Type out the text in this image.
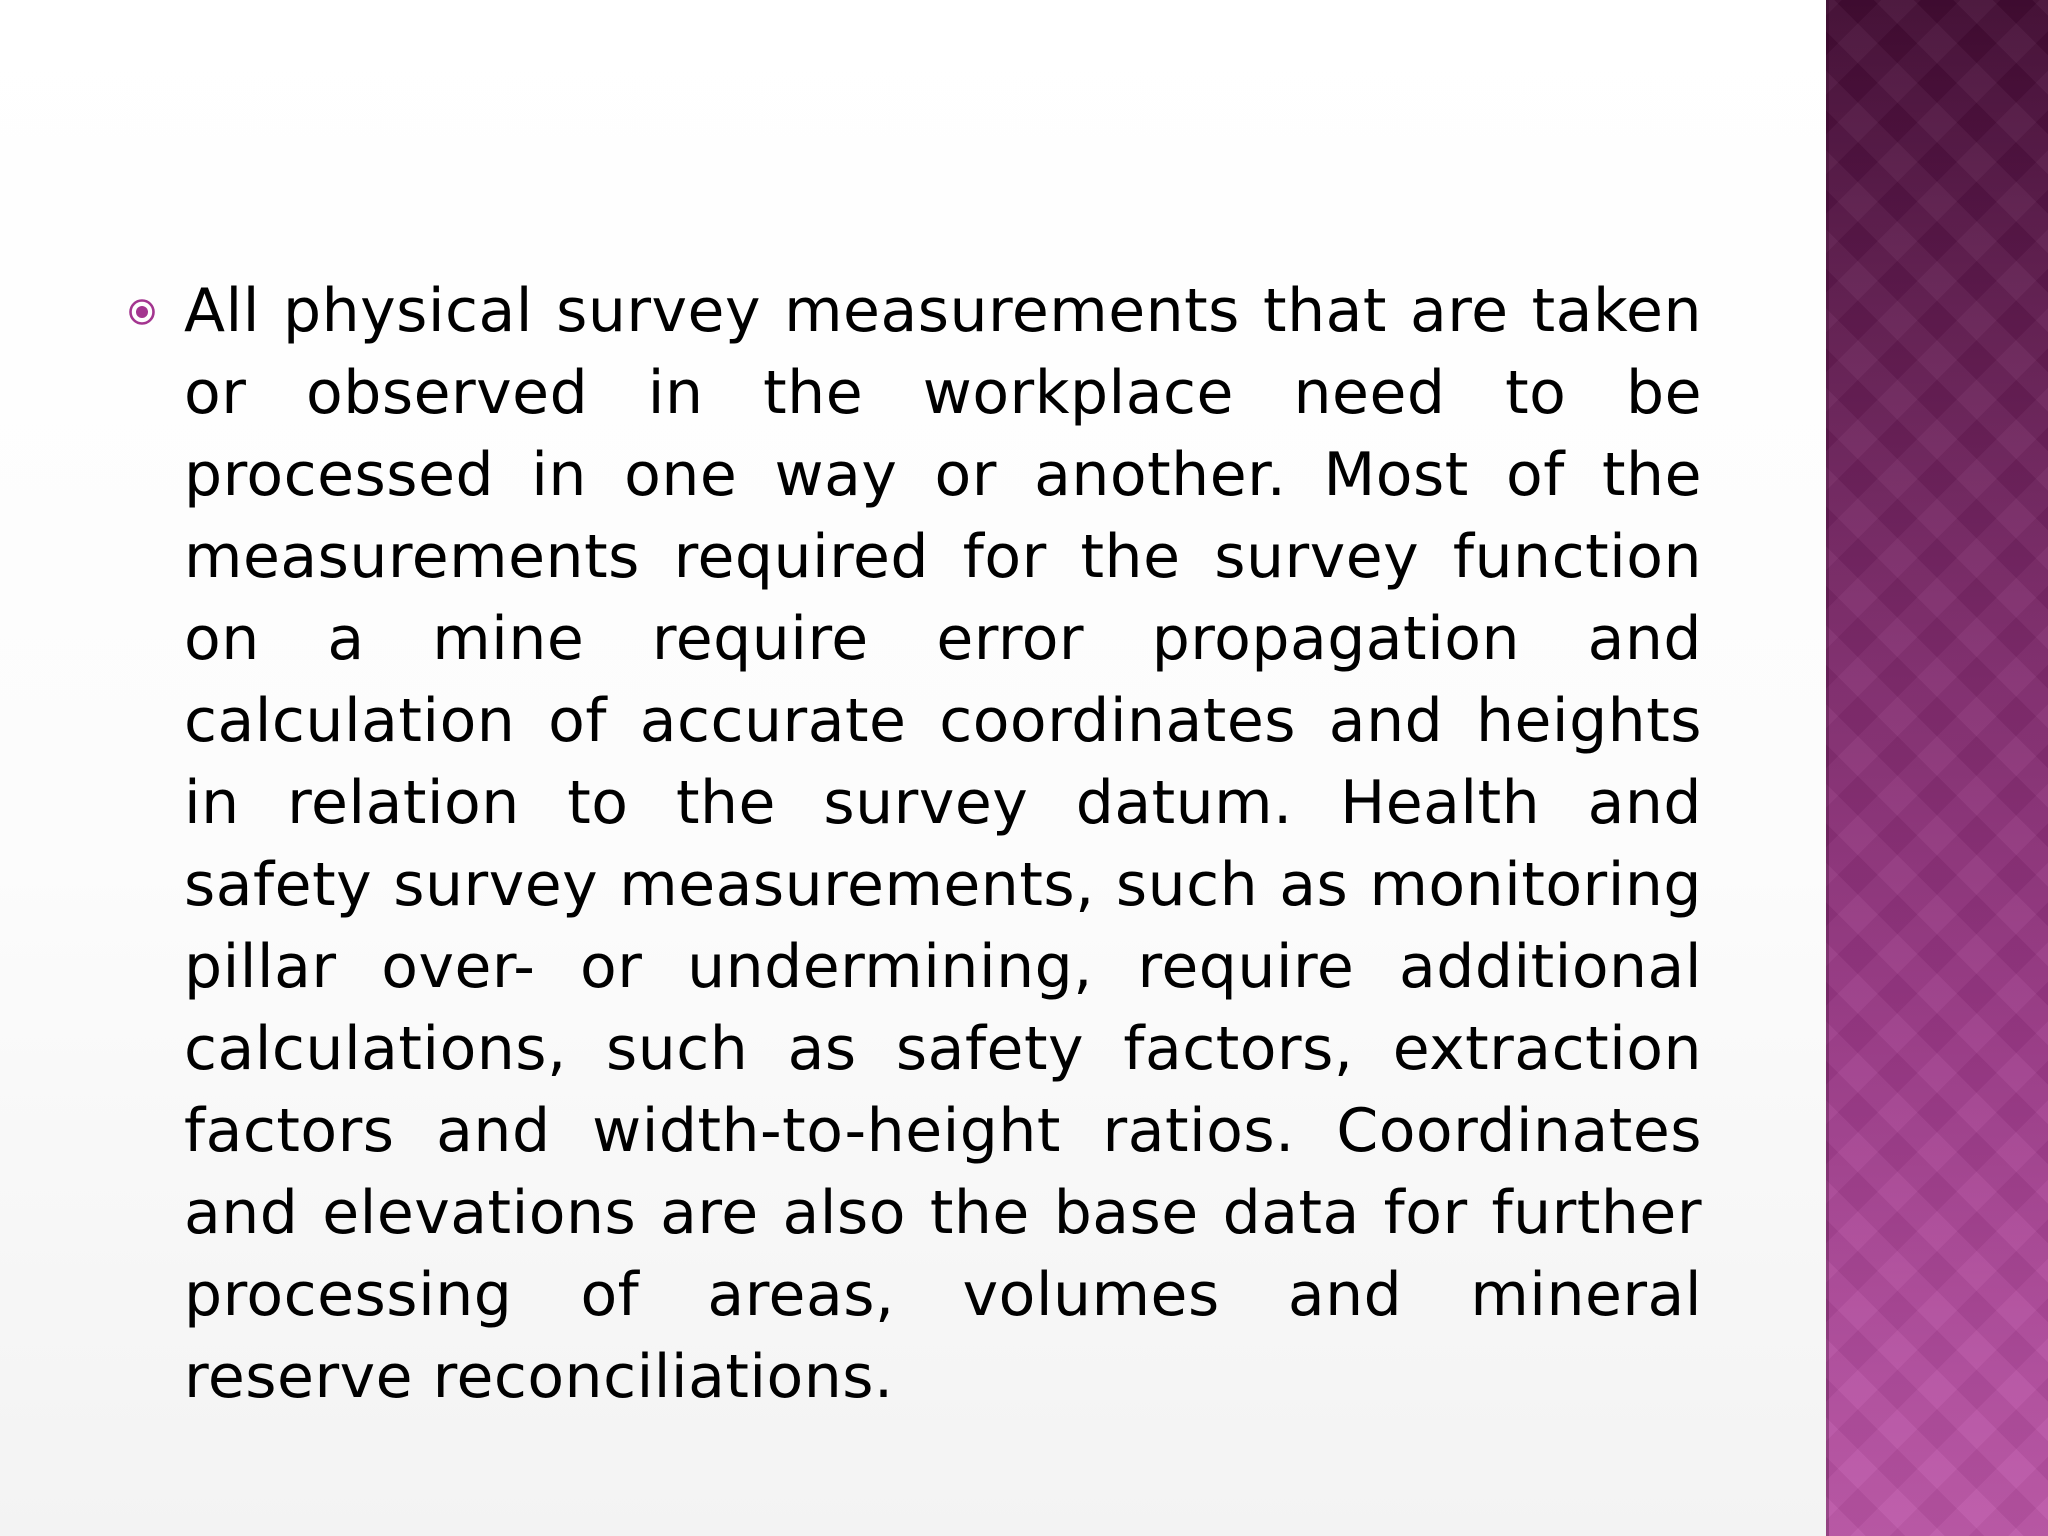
All physical survey measurements that are taken or observed in the workplace need to be processed in one way or another. Most of the measurements required for the survey function on a mine require error propagation and calculation of accurate coordinates and heights in relation to the survey datum. Health and safety survey measurements, such as monitoring pillar over- or undermining, require additional calculations, such as safety factors, extraction factors and width-to-height ratios. Coordinates and elevations are also the base data for further processing of areas, volumes and mineral reserve reconciliations.
